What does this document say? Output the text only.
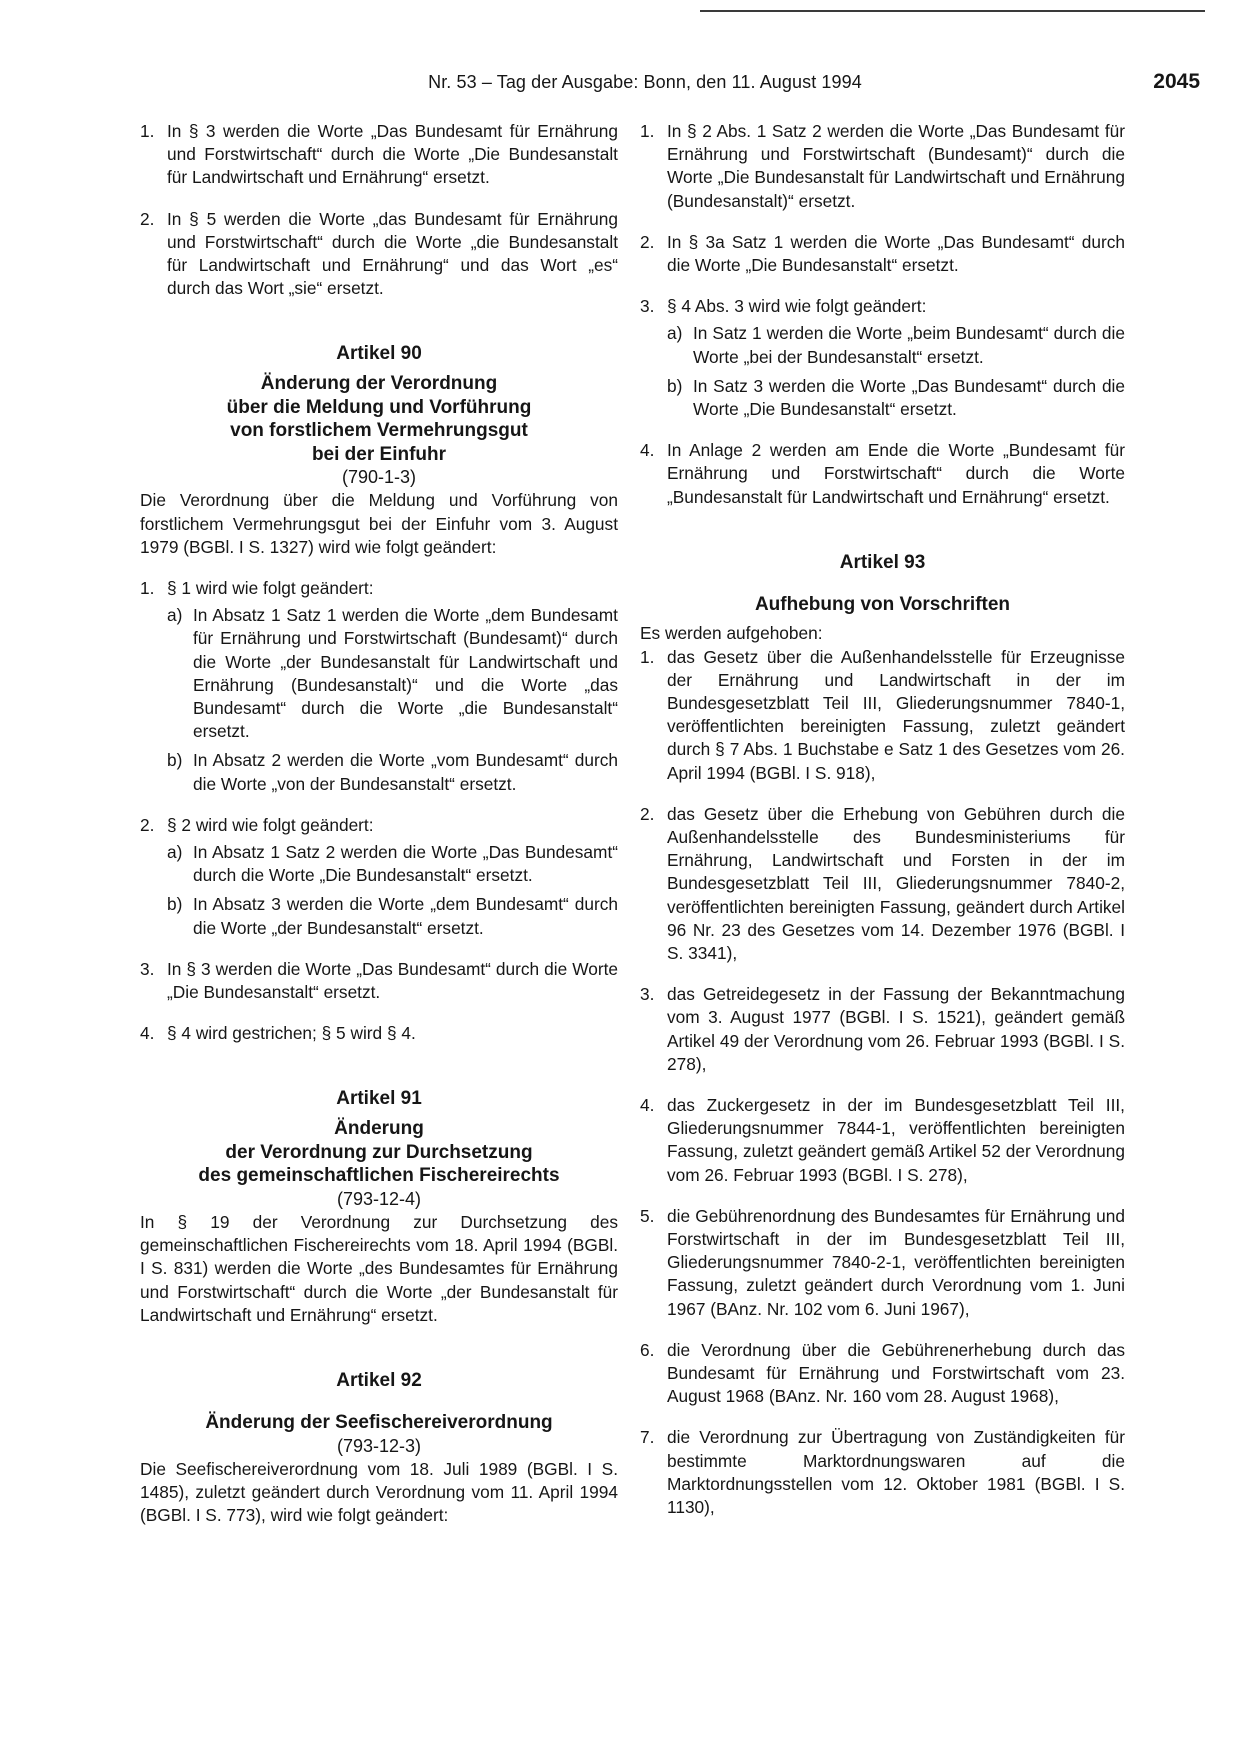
Nr. 53 – Tag der Ausgabe: Bonn, den 11. August 1994	2045
1. In § 3 werden die Worte „Das Bundesamt für Ernährung und Forstwirtschaft“ durch die Worte „Die Bundesanstalt für Landwirtschaft und Ernährung“ ersetzt.
2. In § 5 werden die Worte „das Bundesamt für Ernährung und Forstwirtschaft“ durch die Worte „die Bundesanstalt für Landwirtschaft und Ernährung“ und das Wort „es“ durch das Wort „sie“ ersetzt.
Artikel 90
Änderung der Verordnung
über die Meldung und Vorführung
von forstlichem Vermehrungsgut
bei der Einfuhr
(790-1-3)
Die Verordnung über die Meldung und Vorführung von forstlichem Vermehrungsgut bei der Einfuhr vom 3. August 1979 (BGBl. I S. 1327) wird wie folgt geändert:
1. § 1 wird wie folgt geändert:
a) In Absatz 1 Satz 1 werden die Worte „dem Bundesamt für Ernährung und Forstwirtschaft (Bundesamt)“ durch die Worte „der Bundesanstalt für Landwirtschaft und Ernährung (Bundesanstalt)“ und die Worte „das Bundesamt“ durch die Worte „die Bundesanstalt“ ersetzt.
b) In Absatz 2 werden die Worte „vom Bundesamt“ durch die Worte „von der Bundesanstalt“ ersetzt.
2. § 2 wird wie folgt geändert:
a) In Absatz 1 Satz 2 werden die Worte „Das Bundesamt“ durch die Worte „Die Bundesanstalt“ ersetzt.
b) In Absatz 3 werden die Worte „dem Bundesamt“ durch die Worte „der Bundesanstalt“ ersetzt.
3. In § 3 werden die Worte „Das Bundesamt“ durch die Worte „Die Bundesanstalt“ ersetzt.
4. § 4 wird gestrichen; § 5 wird § 4.
Artikel 91
Änderung
der Verordnung zur Durchsetzung
des gemeinschaftlichen Fischereirechts
(793-12-4)
In § 19 der Verordnung zur Durchsetzung des gemeinschaftlichen Fischereirechts vom 18. April 1994 (BGBl. I S. 831) werden die Worte „des Bundesamtes für Ernährung und Forstwirtschaft“ durch die Worte „der Bundesanstalt für Landwirtschaft und Ernährung“ ersetzt.
Artikel 92
Änderung der Seefischereiverordnung
(793-12-3)
Die Seefischereiverordnung vom 18. Juli 1989 (BGBl. I S. 1485), zuletzt geändert durch Verordnung vom 11. April 1994 (BGBl. I S. 773), wird wie folgt geändert:
1. In § 2 Abs. 1 Satz 2 werden die Worte „Das Bundesamt für Ernährung und Forstwirtschaft (Bundesamt)“ durch die Worte „Die Bundesanstalt für Landwirtschaft und Ernährung (Bundesanstalt)“ ersetzt.
2. In § 3a Satz 1 werden die Worte „Das Bundesamt“ durch die Worte „Die Bundesanstalt“ ersetzt.
3. § 4 Abs. 3 wird wie folgt geändert:
a) In Satz 1 werden die Worte „beim Bundesamt“ durch die Worte „bei der Bundesanstalt“ ersetzt.
b) In Satz 3 werden die Worte „Das Bundesamt“ durch die Worte „Die Bundesanstalt“ ersetzt.
4. In Anlage 2 werden am Ende die Worte „Bundesamt für Ernährung und Forstwirtschaft“ durch die Worte „Bundesanstalt für Landwirtschaft und Ernährung“ ersetzt.
Artikel 93
Aufhebung von Vorschriften
Es werden aufgehoben:
1. das Gesetz über die Außenhandelsstelle für Erzeugnisse der Ernährung und Landwirtschaft in der im Bundesgesetzblatt Teil III, Gliederungsnummer 7840-1, veröffentlichten bereinigten Fassung, zuletzt geändert durch § 7 Abs. 1 Buchstabe e Satz 1 des Gesetzes vom 26. April 1994 (BGBl. I S. 918),
2. das Gesetz über die Erhebung von Gebühren durch die Außenhandelsstelle des Bundesministeriums für Ernährung, Landwirtschaft und Forsten in der im Bundesgesetzblatt Teil III, Gliederungsnummer 7840-2, veröffentlichten bereinigten Fassung, geändert durch Artikel 96 Nr. 23 des Gesetzes vom 14. Dezember 1976 (BGBl. I S. 3341),
3. das Getreidegesetz in der Fassung der Bekanntmachung vom 3. August 1977 (BGBl. I S. 1521), geändert gemäß Artikel 49 der Verordnung vom 26. Februar 1993 (BGBl. I S. 278),
4. das Zuckergesetz in der im Bundesgesetzblatt Teil III, Gliederungsnummer 7844-1, veröffentlichten bereinigten Fassung, zuletzt geändert gemäß Artikel 52 der Verordnung vom 26. Februar 1993 (BGBl. I S. 278),
5. die Gebührenordnung des Bundesamtes für Ernährung und Forstwirtschaft in der im Bundesgesetzblatt Teil III, Gliederungsnummer 7840-2-1, veröffentlichten bereinigten Fassung, zuletzt geändert durch Verordnung vom 1. Juni 1967 (BAnz. Nr. 102 vom 6. Juni 1967),
6. die Verordnung über die Gebührenerhebung durch das Bundesamt für Ernährung und Forstwirtschaft vom 23. August 1968 (BAnz. Nr. 160 vom 28. August 1968),
7. die Verordnung zur Übertragung von Zuständigkeiten für bestimmte Marktordnungswaren auf die Marktordnungsstellen vom 12. Oktober 1981 (BGBl. I S. 1130),
